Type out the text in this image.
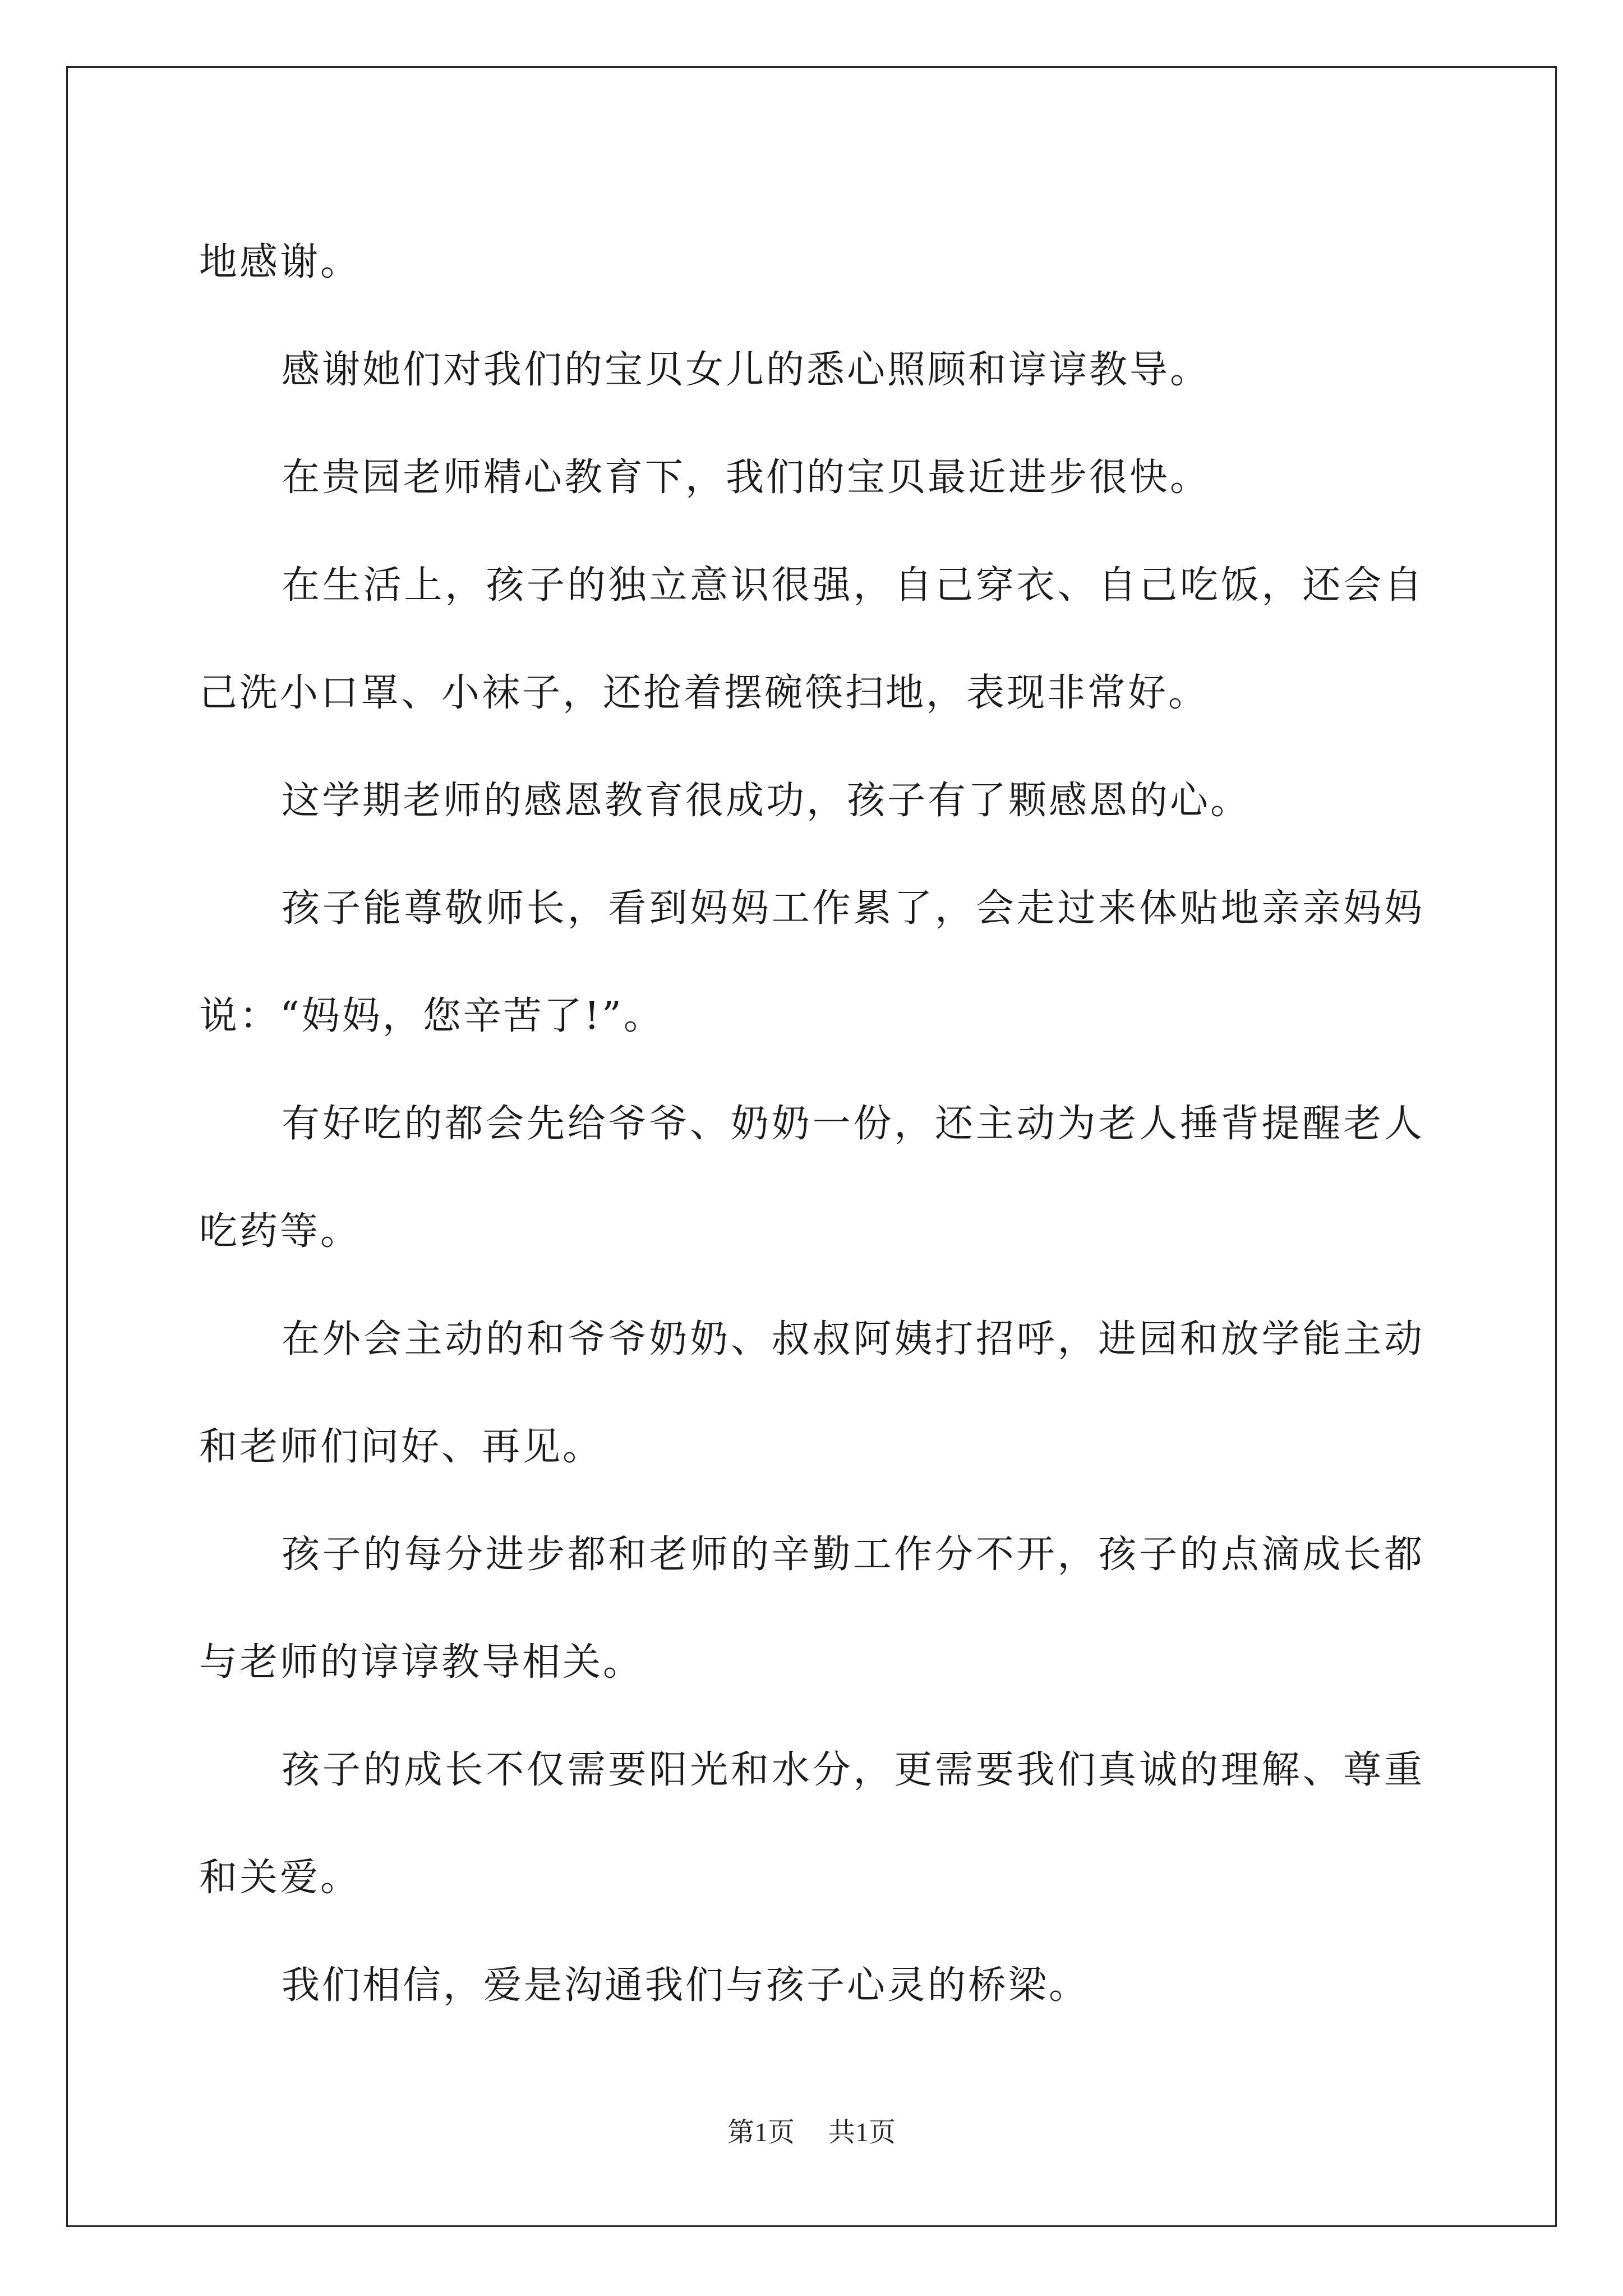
地感谢。

感谢她们对我们的宝贝女儿的悉心照顾和谆谆教导。

在贵园老师精心教育下，我们的宝贝最近进步很快。

在生活上，孩子的独立意识很强，自己穿衣、自己吃饭，还会自己洗小口罩、小袜子，还抢着摆碗筷扫地，表现非常好。

这学期老师的感恩教育很成功，孩子有了颗感恩的心。

孩子能尊敬师长，看到妈妈工作累了，会走过来体贴地亲亲妈妈说：“妈妈，您辛苦了!”。

有好吃的都会先给爷爷、奶奶一份，还主动为老人捶背提醒老人吃药等。

在外会主动的和爷爷奶奶、叔叔阿姨打招呼，进园和放学能主动和老师们问好、再见。

孩子的每分进步都和老师的辛勤工作分不开，孩子的点滴成长都与老师的谆谆教导相关。

孩子的成长不仅需要阳光和水分，更需要我们真诚的理解、尊重和关爱。

我们相信，爱是沟通我们与孩子心灵的桥梁。

第1页 共1页
